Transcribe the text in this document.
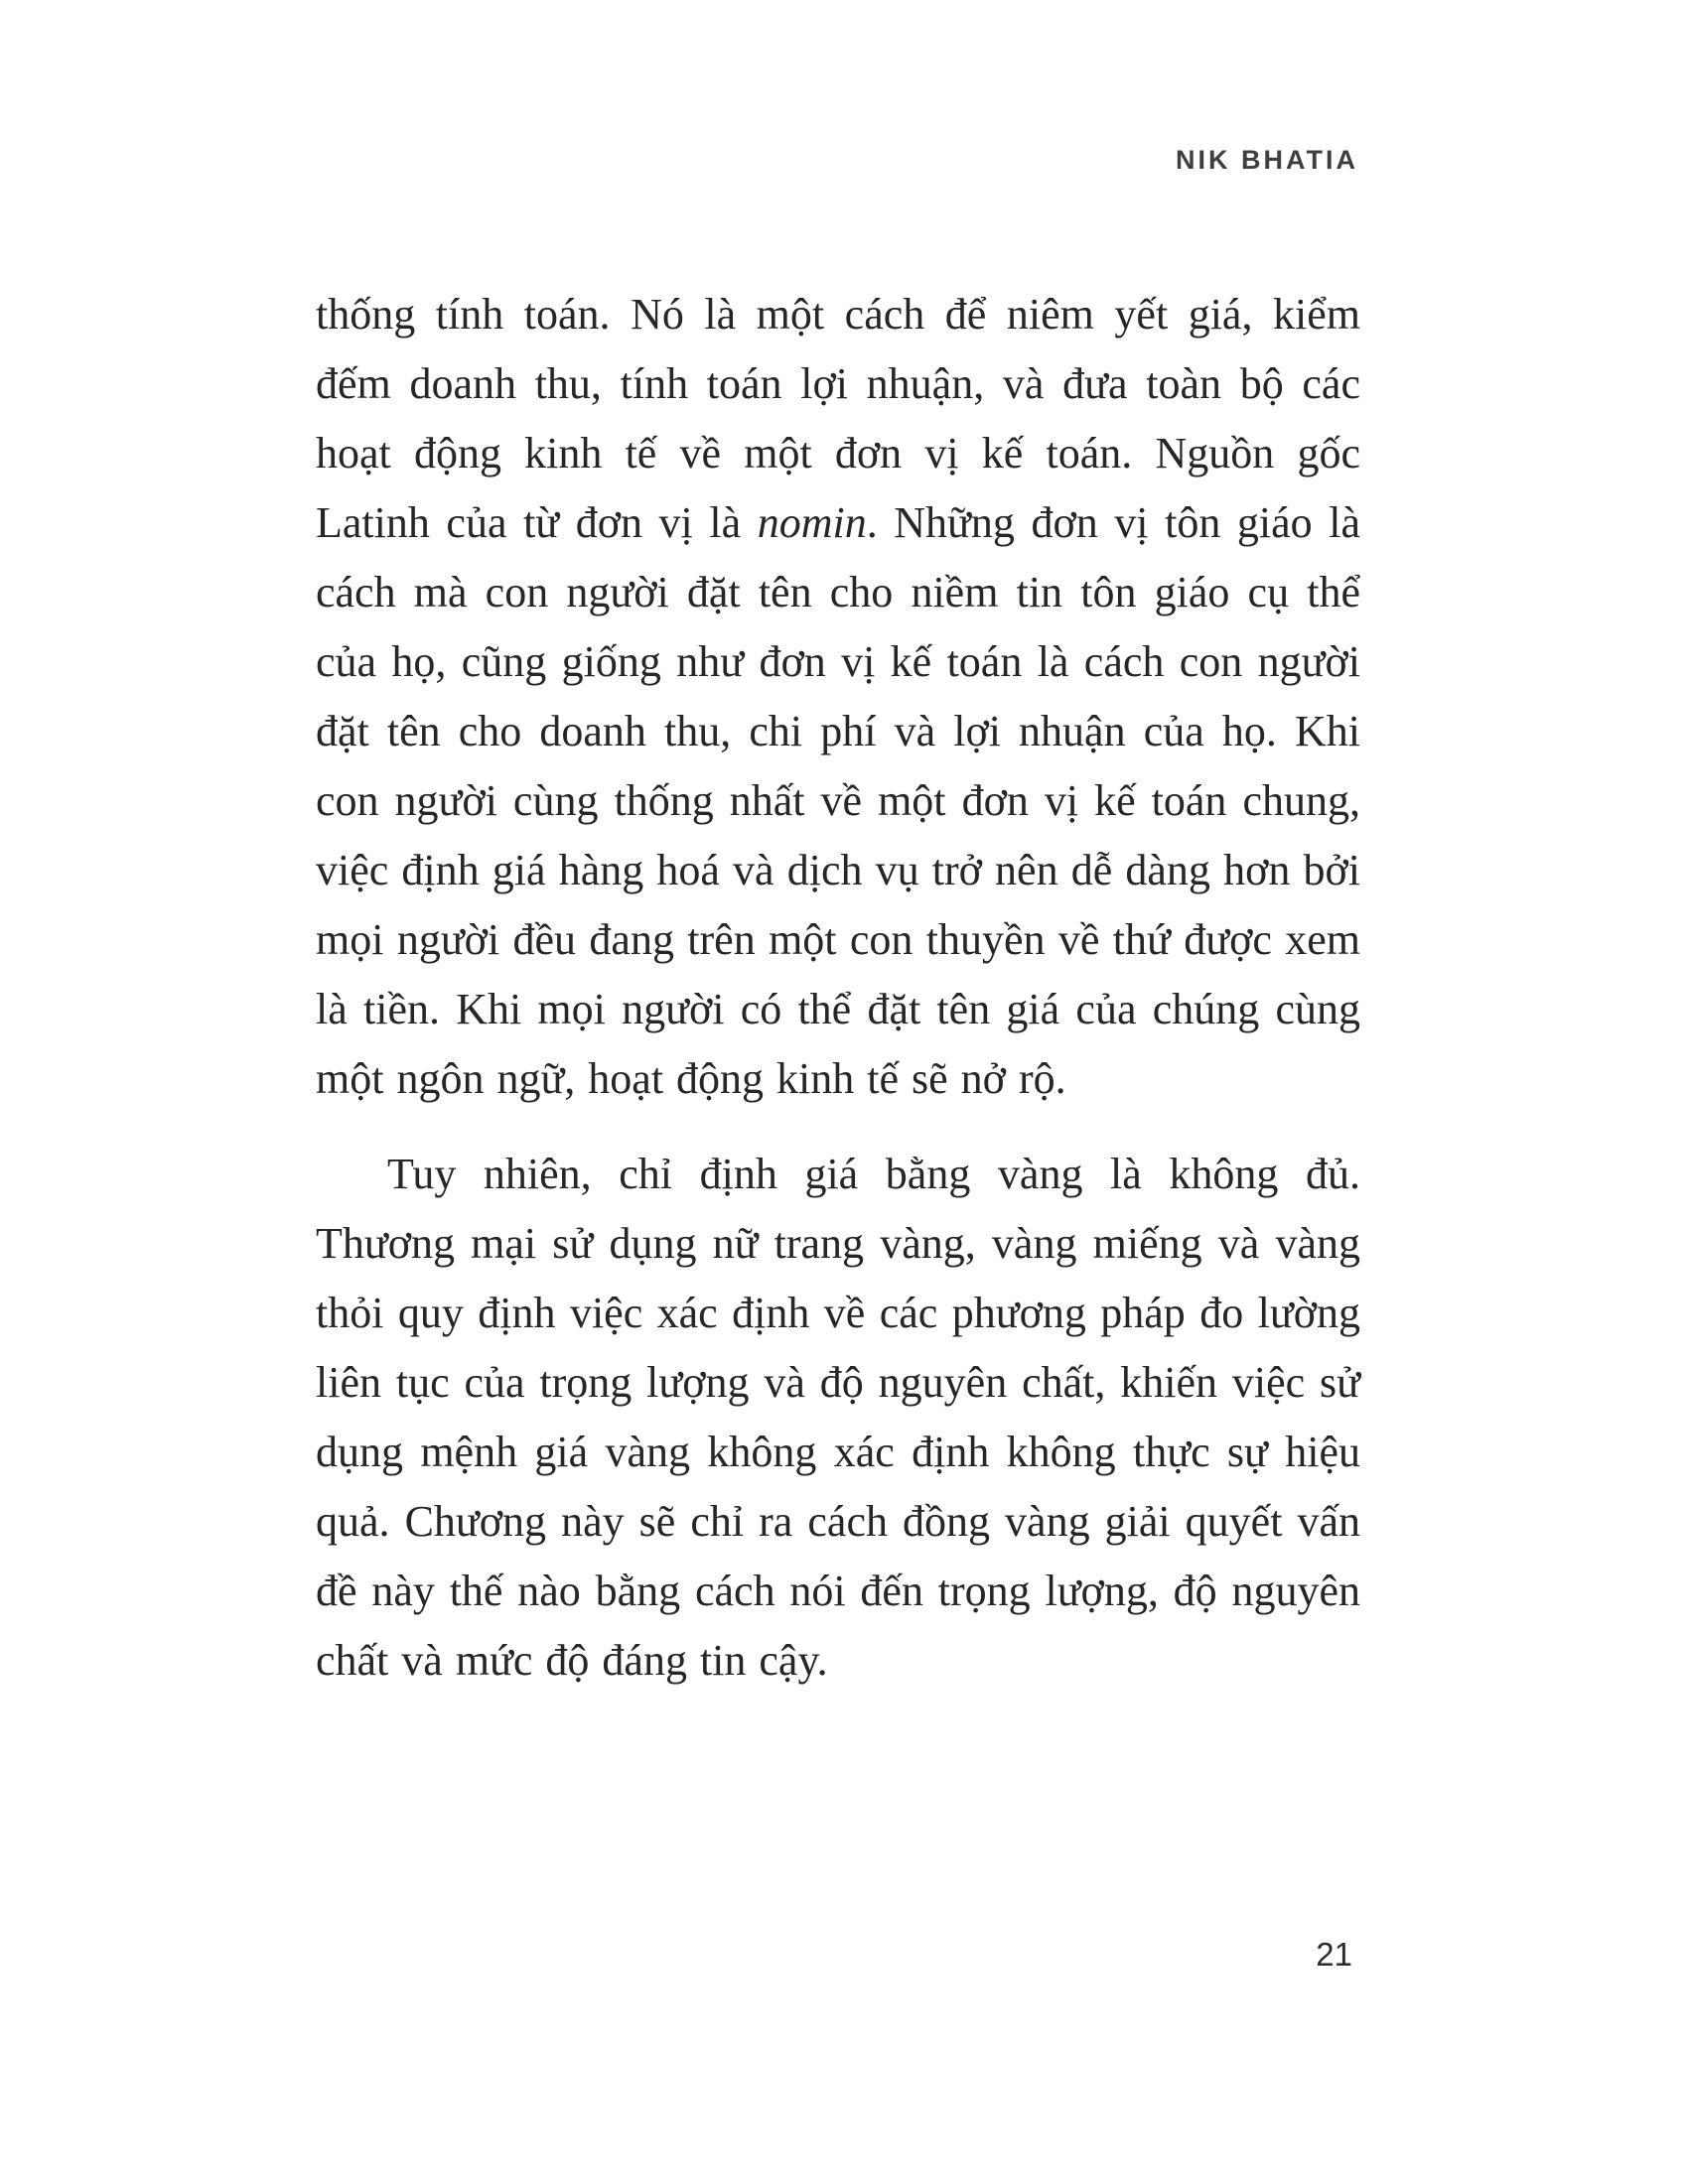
NIK BHATIA

thống tính toán. Nó là một cách để niêm yết giá, kiểm đếm doanh thu, tính toán lợi nhuận, và đưa toàn bộ các hoạt động kinh tế về một đơn vị kế toán. Nguồn gốc Latinh của từ đơn vị là nomin. Những đơn vị tôn giáo là cách mà con người đặt tên cho niềm tin tôn giáo cụ thể của họ, cũng giống như đơn vị kế toán là cách con người đặt tên cho doanh thu, chi phí và lợi nhuận của họ. Khi con người cùng thống nhất về một đơn vị kế toán chung, việc định giá hàng hoá và dịch vụ trở nên dễ dàng hơn bởi mọi người đều đang trên một con thuyền về thứ được xem là tiền. Khi mọi người có thể đặt tên giá của chúng cùng một ngôn ngữ, hoạt động kinh tế sẽ nở rộ.

Tuy nhiên, chỉ định giá bằng vàng là không đủ. Thương mại sử dụng nữ trang vàng, vàng miếng và vàng thỏi quy định việc xác định về các phương pháp đo lường liên tục của trọng lượng và độ nguyên chất, khiến việc sử dụng mệnh giá vàng không xác định không thực sự hiệu quả. Chương này sẽ chỉ ra cách đồng vàng giải quyết vấn đề này thế nào bằng cách nói đến trọng lượng, độ nguyên chất và mức độ đáng tin cậy.

21
